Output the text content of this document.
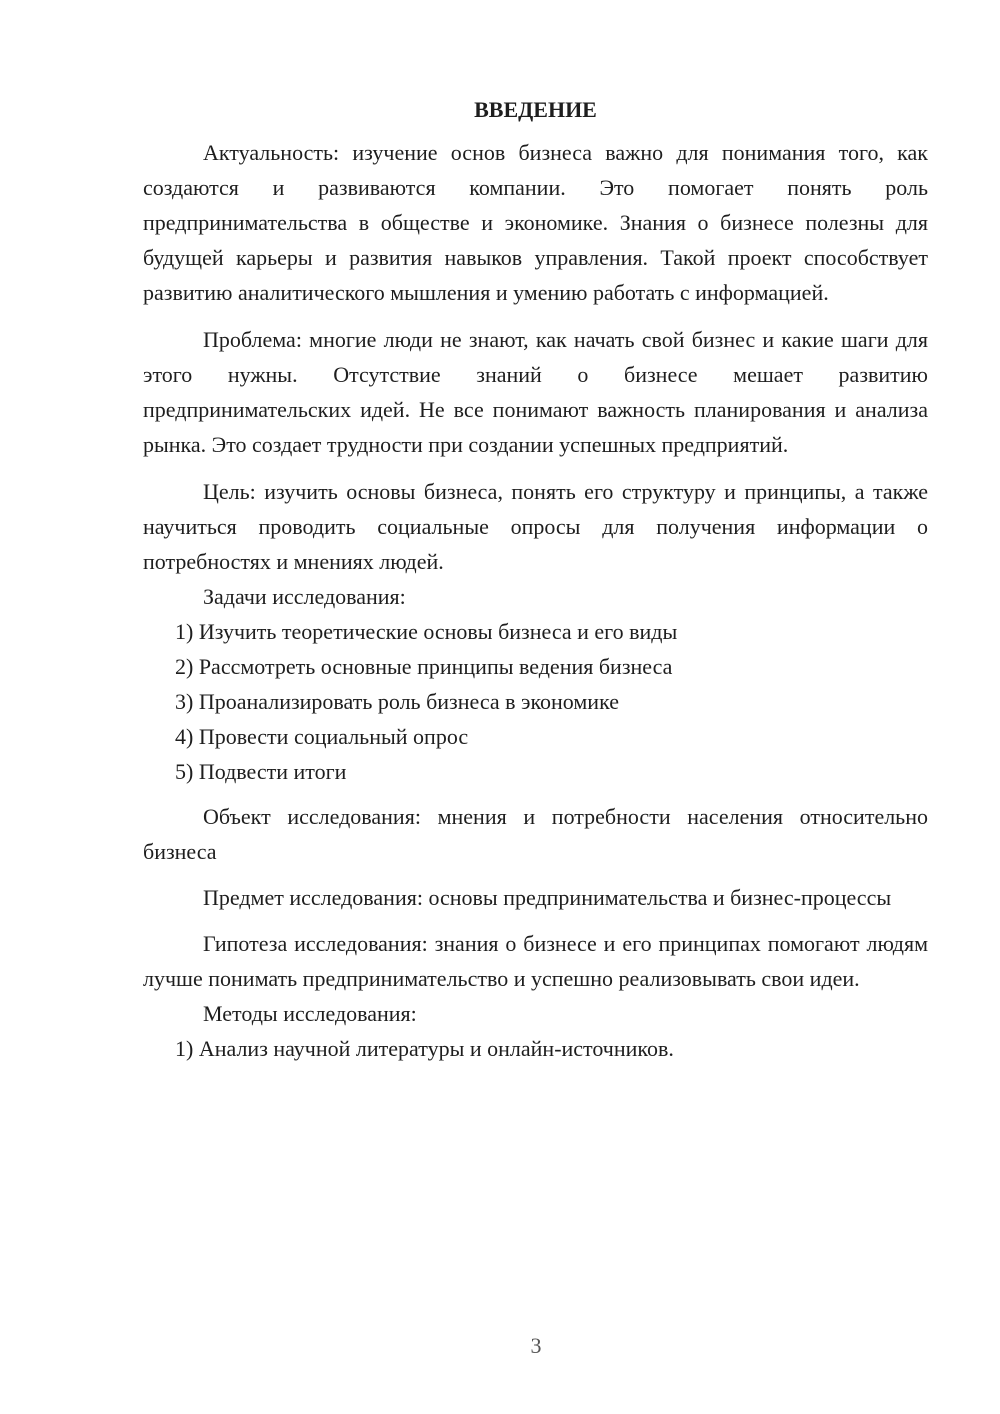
ВВЕДЕНИЕ

Актуальность: изучение основ бизнеса важно для понимания того, как создаются и развиваются компании. Это помогает понять роль предпринимательства в обществе и экономике. Знания о бизнесе полезны для будущей карьеры и развития навыков управления. Такой проект способствует развитию аналитического мышления и умению работать с информацией.

Проблема: многие люди не знают, как начать свой бизнес и какие шаги для этого нужны. Отсутствие знаний о бизнесе мешает развитию предпринимательских идей. Не все понимают важность планирования и анализа рынка. Это создает трудности при создании успешных предприятий.

Цель: изучить основы бизнеса, понять его структуру и принципы, а также научиться проводить социальные опросы для получения информации о потребностях и мнениях людей.

Задачи исследования:

1) Изучить теоретические основы бизнеса и его виды

2) Рассмотреть основные принципы ведения бизнеса

3) Проанализировать роль бизнеса в экономике

4) Провести социальный опрос

5) Подвести итоги

Объект исследования: мнения и потребности населения относительно бизнеса

Предмет исследования: основы предпринимательства и бизнес-процессы

Гипотеза исследования: знания о бизнесе и его принципах помогают людям лучше понимать предпринимательство и успешно реализовывать свои идеи.

Методы исследования:

1) Анализ научной литературы и онлайн-источников.

3
